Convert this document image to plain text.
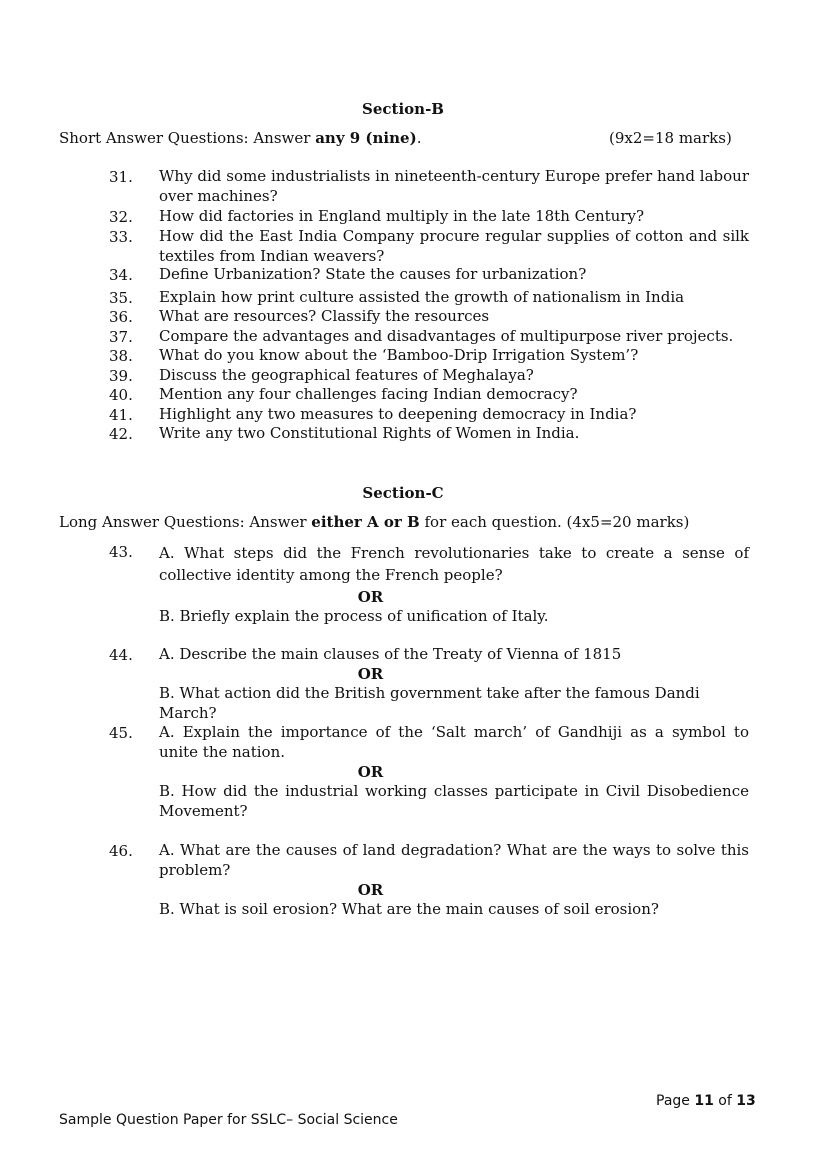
Section-B
Short Answer Questions: Answer any 9 (nine).	(9x2=18 marks)
31. Why did some industrialists in nineteenth-century Europe prefer hand labour over machines?
32. How did factories in England multiply in the late 18th Century?
33. How did the East India Company procure regular supplies of cotton and silk textiles from Indian weavers?
34. Define Urbanization? State the causes for urbanization?
35. Explain how print culture assisted the growth of nationalism in India
36. What are resources? Classify the resources
37. Compare the advantages and disadvantages of multipurpose river projects.
38. What do you know about the ‘Bamboo-Drip Irrigation System’?
39. Discuss the geographical features of Meghalaya?
40. Mention any four challenges facing Indian democracy?
41. Highlight any two measures to deepening democracy in India?
42. Write any two Constitutional Rights of Women in India.
Section-C
Long Answer Questions: Answer either A or B for each question. (4x5=20 marks)
43. A. What steps did the French revolutionaries take to create a sense of collective identity among the French people?
OR
B. Briefly explain the process of unification of Italy.
44. A. Describe the main clauses of the Treaty of Vienna of 1815
OR
B. What action did the British government take after the famous Dandi March?
45. A. Explain the importance of the ‘Salt march’ of Gandhiji as a symbol to unite the nation.
OR
B. How did the industrial working classes participate in Civil Disobedience Movement?
46. A. What are the causes of land degradation? What are the ways to solve this problem?
OR
B. What is soil erosion? What are the main causes of soil erosion?
Page 11 of 13
Sample Question Paper for SSLC– Social Science
